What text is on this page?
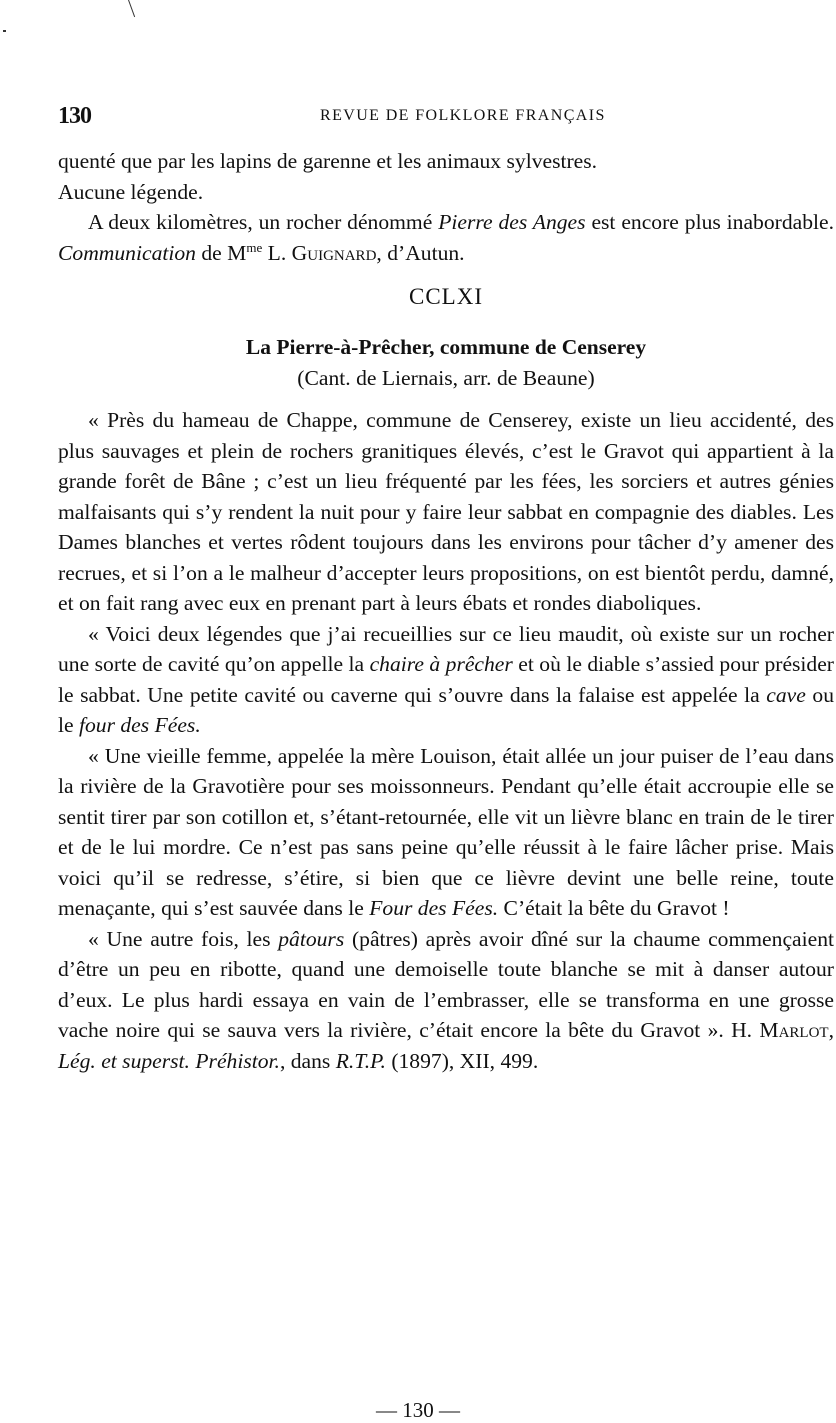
130	REVUE DE FOLKLORE FRANÇAIS

quenté que par les lapins de garenne et les animaux sylvestres.
Aucune légende.

A deux kilomètres, un rocher dénommé Pierre des Anges est encore plus inabordable. Communication de $M^{me}$ L. Guignard, d’Autun.

CCLXI
La Pierre-à-Prêcher, commune de Censerey
(Cant. de Liernais, arr. de Beaune)

« Près du hameau de Chappe, commune de Censerey, existe un lieu accidenté, des plus sauvages et plein de rochers granitiques élevés, c’est le Gravot qui appartient à la grande forêt de Bâne ; c’est un lieu fréquenté par les fées, les sorciers et autres génies malfaisants qui s’y rendent la nuit pour y faire leur sabbat en compagnie des diables. Les Dames blanches et vertes rôdent toujours dans les environs pour tâcher d’y amener des recrues, et si l’on a le malheur d’accepter leurs propositions, on est bientôt perdu, damné, et on fait rang avec eux en prenant part à leurs ébats et rondes diaboliques.

« Voici deux légendes que j’ai recueillies sur ce lieu maudit, où existe sur un rocher une sorte de cavité qu’on appelle la chaire à prêcher et où le diable s’assied pour présider le sabbat. Une petite cavité ou caverne qui s’ouvre dans la falaise est appelée la cave ou le four des Fées.

« Une vieille femme, appelée la mère Louison, était allée un jour puiser de l’eau dans la rivière de la Gravotière pour ses moissonneurs. Pendant qu’elle était accroupie elle se sentit tirer par son cotillon et, s’étant-retournée, elle vit un lièvre blanc en train de le tirer et de le lui mordre. Ce n’est pas sans peine qu’elle réussit à le faire lâcher prise. Mais voici qu’il se redresse, s’étire, si bien que ce lièvre devint une belle reine, toute menaçante, qui s’est sauvée dans le Four des Fées. C’était la bête du Gravot !

« Une autre fois, les pâtours (pâtres) après avoir dîné sur la chaume commençaient d’être un peu en ribotte, quand une demoiselle toute blanche se mit à danser autour d’eux. Le plus hardi essaya en vain de l’embrasser, elle se transforma en une grosse vache noire qui se sauva vers la rivière, c’était encore la bête du Gravot ». H. Marlot, Lég. et superst. Préhistor., dans R.T.P. (1897), XII, 499.

— 130 —
